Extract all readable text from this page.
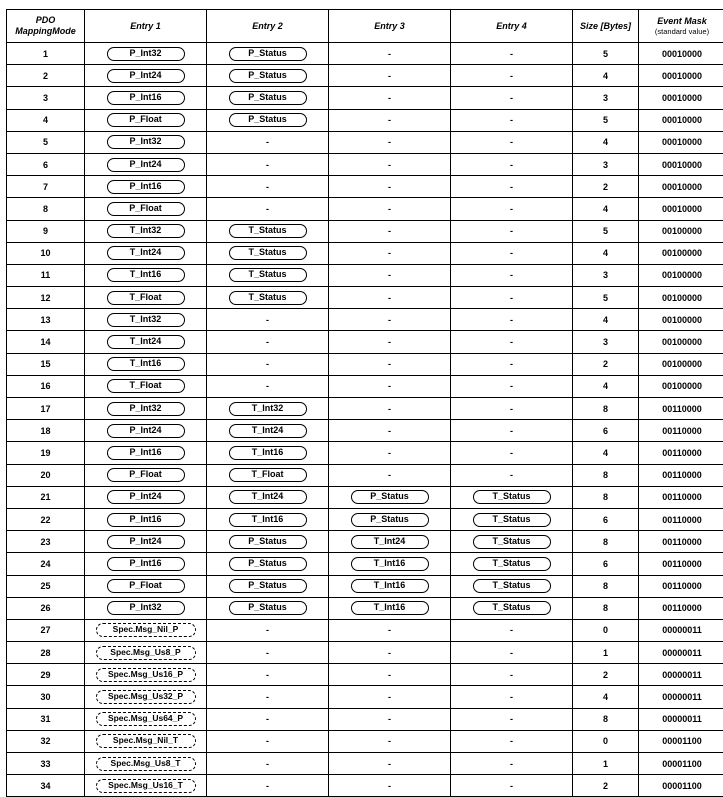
PDO
MappingMode	Entry 1	Entry 2	Entry 3	Entry 4	Size [Bytes]	Event Mask
(standard value)

1	P_Int32	P_Status	-	-	5	00010000
2	P_Int24	P_Status	-	-	4	00010000
3	P_Int16	P_Status	-	-	3	00010000
4	P_Float	P_Status	-	-	5	00010000
5	P_Int32	-	-	-	4	00010000
6	P_Int24	-	-	-	3	00010000
7	P_Int16	-	-	-	2	00010000
8	P_Float	-	-	-	4	00010000
9	T_Int32	T_Status	-	-	5	00100000
10	T_Int24	T_Status	-	-	4	00100000
11	T_Int16	T_Status	-	-	3	00100000
12	T_Float	T_Status	-	-	5	00100000
13	T_Int32	-	-	-	4	00100000
14	T_Int24	-	-	-	3	00100000
15	T_Int16	-	-	-	2	00100000
16	T_Float	-	-	-	4	00100000
17	P_Int32	T_Int32	-	-	8	00110000
18	P_Int24	T_Int24	-	-	6	00110000
19	P_Int16	T_Int16	-	-	4	00110000
20	P_Float	T_Float	-	-	8	00110000
21	P_Int24	T_Int24	P_Status	T_Status	8	00110000
22	P_Int16	T_Int16	P_Status	T_Status	6	00110000
23	P_Int24	P_Status	T_Int24	T_Status	8	00110000
24	P_Int16	P_Status	T_Int16	T_Status	6	00110000
25	P_Float	P_Status	T_Int16	T_Status	8	00110000
26	P_Int32	P_Status	T_Int16	T_Status	8	00110000
27	Spec.Msg_Nil_P	-	-	-	0	00000011
28	Spec.Msg_Us8_P	-	-	-	1	00000011
29	Spec.Msg_Us16_P	-	-	-	2	00000011
30	Spec.Msg_Us32_P	-	-	-	4	00000011
31	Spec.Msg_Us64_P	-	-	-	8	00000011
32	Spec.Msg_Nil_T	-	-	-	0	00001100
33	Spec.Msg_Us8_T	-	-	-	1	00001100
34	Spec.Msg_Us16_T	-	-	-	2	00001100
